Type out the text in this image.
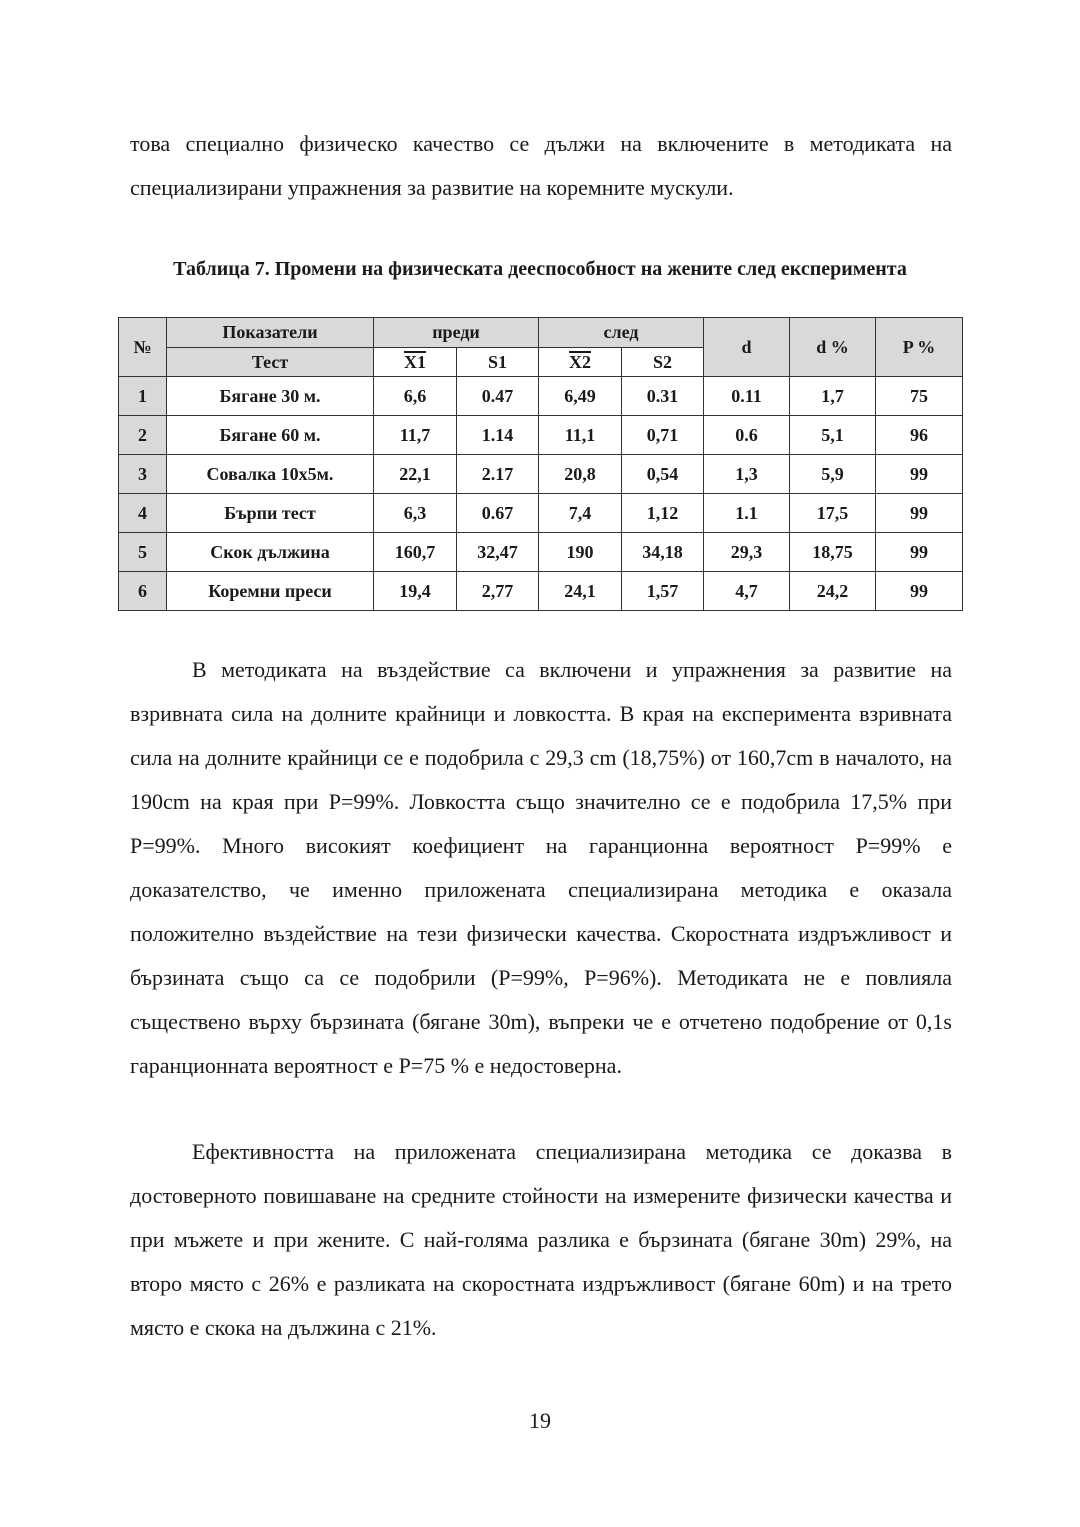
това специално физическо качество се дължи на включените в методиката на специализирани упражнения за развитие на коремните мускули.

Таблица 7. Промени на физическата дееспособност на жените след експеримента

№	Показатели	преди		след		d	d %	P %
	Тест	X1	S1	X2	S2			
1	Бягане 30 м.	6,6	0.47	6,49	0.31	0.11	1,7	75
2	Бягане 60 м.	11,7	1.14	11,1	0,71	0.6	5,1	96
3	Совалка 10х5м.	22,1	2.17	20,8	0,54	1,3	5,9	99
4	Бърпи тест	6,3	0.67	7,4	1,12	1.1	17,5	99
5	Скок дължина	160,7	32,47	190	34,18	29,3	18,75	99
6	Коремни преси	19,4	2,77	24,1	1,57	4,7	24,2	99

В методиката на въздействие са включени и упражнения за развитие на взривната сила на долните крайници и ловкостта. В края на експеримента взривната сила на долните крайници се е подобрила с 29,3 cm (18,75%) от 160,7cm в началото, на 190cm на края при P=99%. Ловкостта също значително се е подобрила 17,5% при P=99%. Много високият коефициент на гаранционна вероятност P=99% е доказателство, че именно приложената специализирана методика е оказала положително въздействие на тези физически качества. Скоростната издръжливост и бързината също са се подобрили (P=99%, P=96%). Методиката не е повлияла съществено върху бързината (бягане 30m), въпреки че е отчетено подобрение от 0,1s гаранционната вероятност е P=75 % е недостоверна.

Ефективността на приложената специализирана методика се доказва в достоверното повишаване на средните стойности на измерените физически качества и при мъжете и при жените. С най-голяма разлика е бързината (бягане 30m) 29%, на второ място с 26% е разликата на скоростната издръжливост (бягане 60m) и на трето място е скока на дължина с 21%.

19
